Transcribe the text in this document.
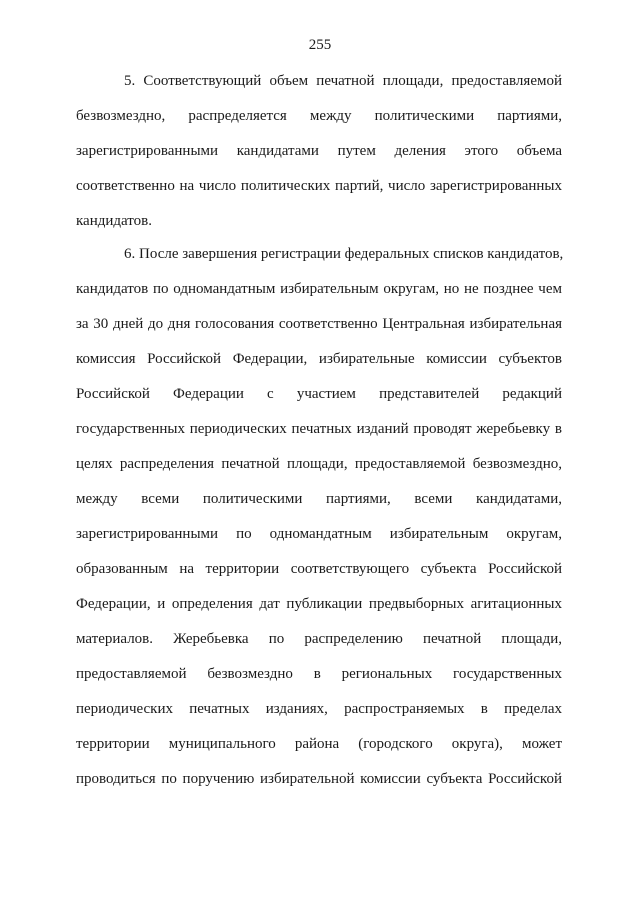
255
5. Соответствующий объем печатной площади, предоставляемой
безвозмездно, распределяется между политическими партиями,
зарегистрированными кандидатами путем деления этого объема
соответственно на число политических партий, число зарегистрированных
кандидатов.
6. После завершения регистрации федеральных списков кандидатов,
кандидатов по одномандатным избирательным округам, но не позднее чем
за 30 дней до дня голосования соответственно Центральная избирательная
комиссия Российской Федерации, избирательные комиссии субъектов
Российской Федерации с участием представителей редакций
государственных периодических печатных изданий проводят жеребьевку в
целях распределения печатной площади, предоставляемой безвозмездно,
между всеми политическими партиями, всеми кандидатами,
зарегистрированными по одномандатным избирательным округам,
образованным на территории соответствующего субъекта Российской
Федерации, и определения дат публикации предвыборных агитационных
материалов. Жеребьевка по распределению печатной площади,
предоставляемой безвозмездно в региональных государственных
периодических печатных изданиях, распространяемых в пределах
территории муниципального района (городского округа), может
проводиться по поручению избирательной комиссии субъекта Российской
